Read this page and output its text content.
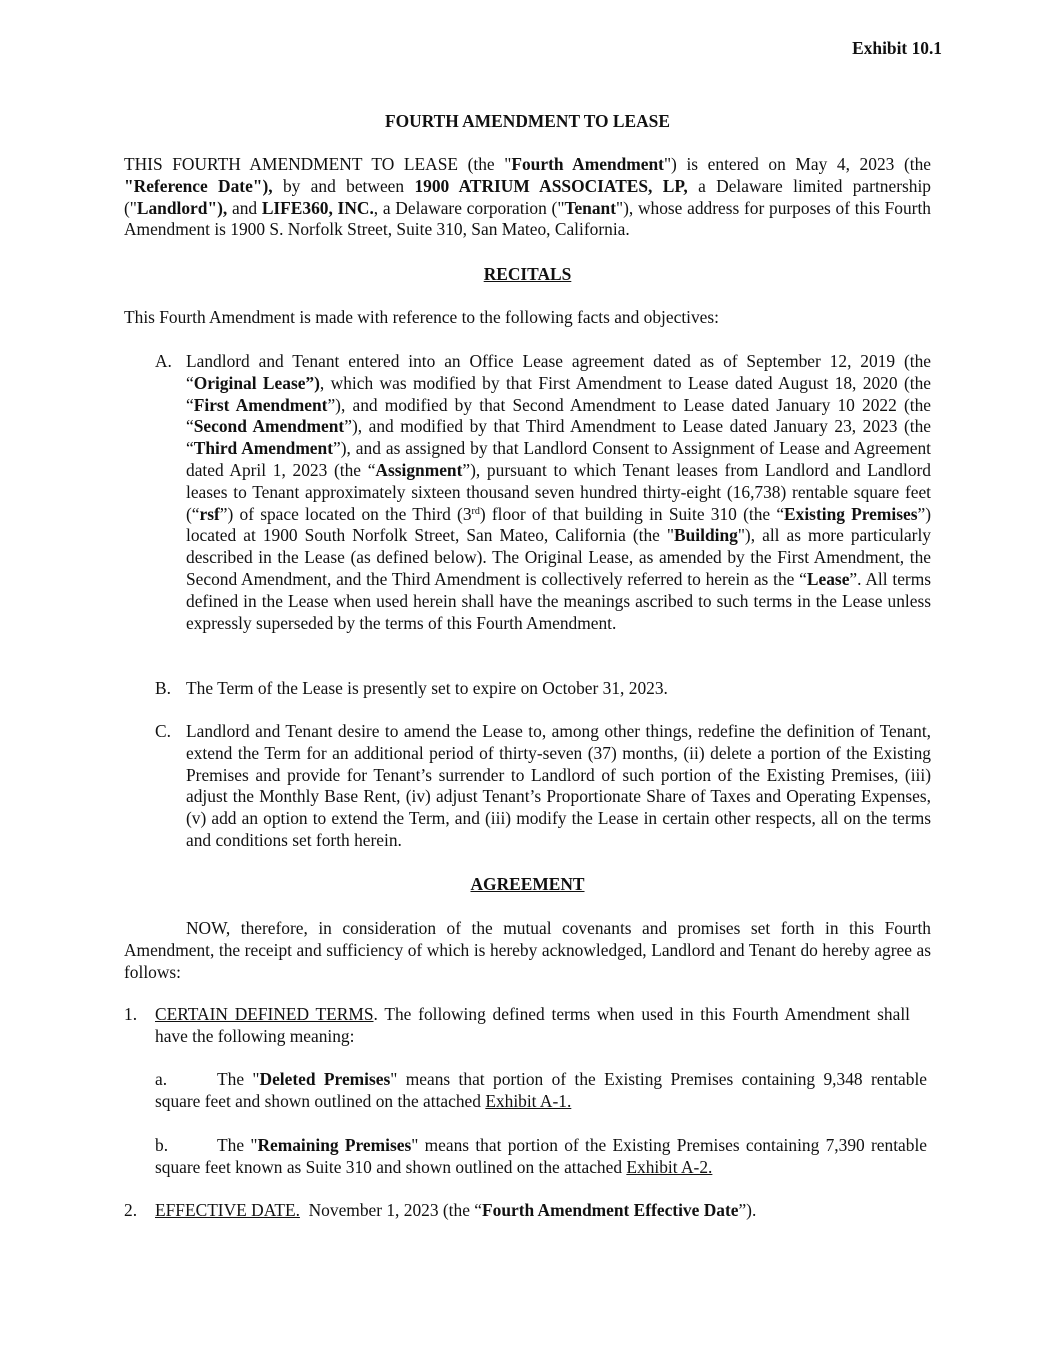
Exhibit 10.1
FOURTH AMENDMENT TO LEASE
THIS FOURTH AMENDMENT TO LEASE (the "Fourth Amendment") is entered on May 4, 2023 (the "Reference Date"), by and between 1900 ATRIUM ASSOCIATES, LP, a Delaware limited partnership ("Landlord"), and LIFE360, INC., a Delaware corporation ("Tenant"), whose address for purposes of this Fourth Amendment is 1900 S. Norfolk Street, Suite 310, San Mateo, California.
RECITALS
This Fourth Amendment is made with reference to the following facts and objectives:
A. Landlord and Tenant entered into an Office Lease agreement dated as of September 12, 2019 (the “Original Lease”), which was modified by that First Amendment to Lease dated August 18, 2020 (the “First Amendment”), and modified by that Second Amendment to Lease dated January 10 2022 (the “Second Amendment”), and modified by that Third Amendment to Lease dated January 23, 2023 (the “Third Amendment”), and as assigned by that Landlord Consent to Assignment of Lease and Agreement dated April 1, 2023 (the “Assignment”), pursuant to which Tenant leases from Landlord and Landlord leases to Tenant approximately sixteen thousand seven hundred thirty-eight (16,738) rentable square feet (“rsf”) of space located on the Third (3rd) floor of that building in Suite 310 (the “Existing Premises”) located at 1900 South Norfolk Street, San Mateo, California (the "Building"), all as more particularly described in the Lease (as defined below). The Original Lease, as amended by the First Amendment, the Second Amendment, and the Third Amendment is collectively referred to herein as the “Lease”. All terms defined in the Lease when used herein shall have the meanings ascribed to such terms in the Lease unless expressly superseded by the terms of this Fourth Amendment.
B. The Term of the Lease is presently set to expire on October 31, 2023.
C. Landlord and Tenant desire to amend the Lease to, among other things, redefine the definition of Tenant, extend the Term for an additional period of thirty-seven (37) months, (ii) delete a portion of the Existing Premises and provide for Tenant’s surrender to Landlord of such portion of the Existing Premises, (iii) adjust the Monthly Base Rent, (iv) adjust Tenant’s Proportionate Share of Taxes and Operating Expenses, (v) add an option to extend the Term, and (iii) modify the Lease in certain other respects, all on the terms and conditions set forth herein.
AGREEMENT
NOW, therefore, in consideration of the mutual covenants and promises set forth in this Fourth Amendment, the receipt and sufficiency of which is hereby acknowledged, Landlord and Tenant do hereby agree as follows:
1. CERTAIN DEFINED TERMS. The following defined terms when used in this Fourth Amendment shall have the following meaning:
a.	The "Deleted Premises" means that portion of the Existing Premises containing 9,348 rentable square feet and shown outlined on the attached Exhibit A-1.
b.	The "Remaining Premises" means that portion of the Existing Premises containing 7,390 rentable square feet known as Suite 310 and shown outlined on the attached Exhibit A-2.
2. EFFECTIVE DATE.  November 1, 2023 (the “Fourth Amendment Effective Date”).
